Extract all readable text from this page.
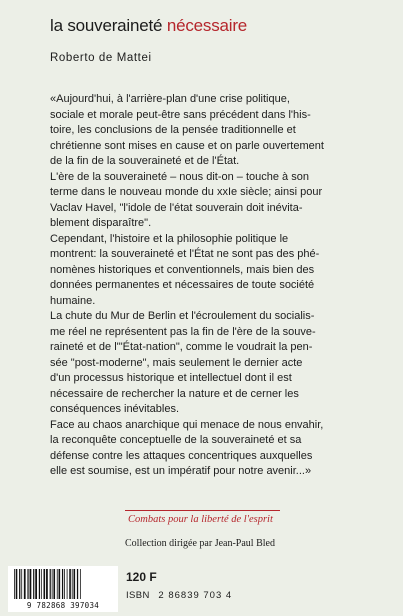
la souveraineté nécessaire
Roberto de Mattei
«Aujourd'hui, à l'arrière-plan d'une crise politique,
sociale et morale peut-être sans précédent dans l'his-
toire, les conclusions de la pensée traditionnelle et
chrétienne sont mises en cause et on parle ouvertement
de la fin de la souveraineté et de l'État.
L'ère de la souveraineté – nous dit-on – touche à son
terme dans le nouveau monde du xxIe siècle; ainsi pour
Vaclav Havel, "l'idole de l'état souverain doit inévita-
blement disparaître".
Cependant, l'histoire et la philosophie politique le
montrent: la souveraineté et l'État ne sont pas des phé-
nomènes historiques et conventionnels, mais bien des
données permanentes et nécessaires de toute société
humaine.
La chute du Mur de Berlin et l'écroulement du socialis-
me réel ne représentent pas la fin de l'ère de la souve-
raineté et de l'"État-nation", comme le voudrait la pen-
sée "post-moderne", mais seulement le dernier acte
d'un processus historique et intellectuel dont il est
nécessaire de rechercher la nature et de cerner les
conséquences inévitables.
Face au chaos anarchique qui menace de nous envahir,
la reconquête conceptuelle de la souveraineté et sa
défense contre les attaques concentriques auxquelles
elle est soumise, est un impératif pour notre avenir...»
Combats pour la liberté de l'esprit
Collection dirigée par Jean-Paul Bled
9 782868 397034
120 F
ISBN 2 86839 703 4
